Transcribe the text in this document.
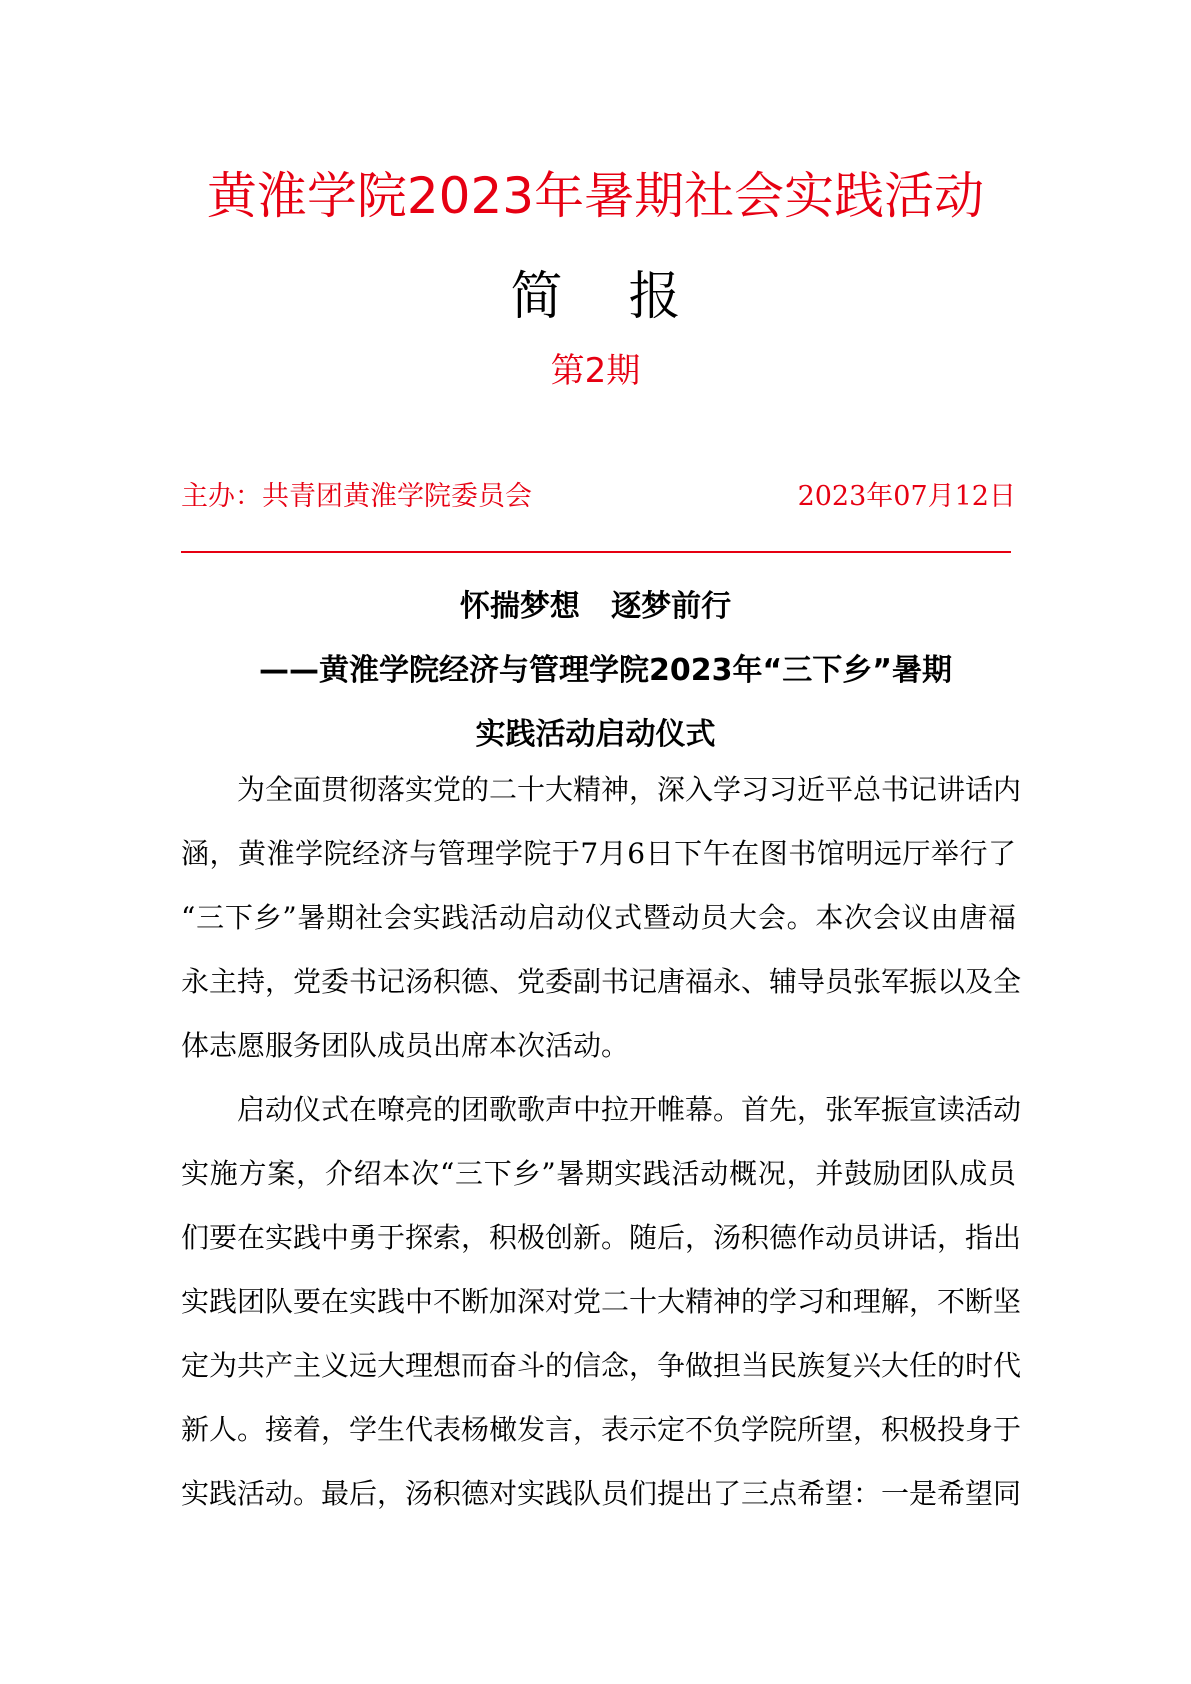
黄淮学院2023年暑期社会实践活动
简    报
第2期
主办：共青团黄淮学院委员会	2023年07月12日
怀揣梦想   逐梦前行
——黄淮学院经济与管理学院2023年“三下乡”暑期
实践活动启动仪式
为全面贯彻落实党的二十大精神，深入学习习近平总书记讲话内
涵，黄淮学院经济与管理学院于7月6日下午在图书馆明远厅举行了
“三下乡”暑期社会实践活动启动仪式暨动员大会。本次会议由唐福
永主持，党委书记汤积德、党委副书记唐福永、辅导员张军振以及全
体志愿服务团队成员出席本次活动。
启动仪式在嘹亮的团歌歌声中拉开帷幕。首先，张军振宣读活动
实施方案，介绍本次“三下乡”暑期实践活动概况，并鼓励团队成员
们要在实践中勇于探索，积极创新。随后，汤积德作动员讲话，指出
实践团队要在实践中不断加深对党二十大精神的学习和理解，不断坚
定为共产主义远大理想而奋斗的信念，争做担当民族复兴大任的时代
新人。接着，学生代表杨橄发言，表示定不负学院所望，积极投身于
实践活动。最后，汤积德对实践队员们提出了三点希望：一是希望同
